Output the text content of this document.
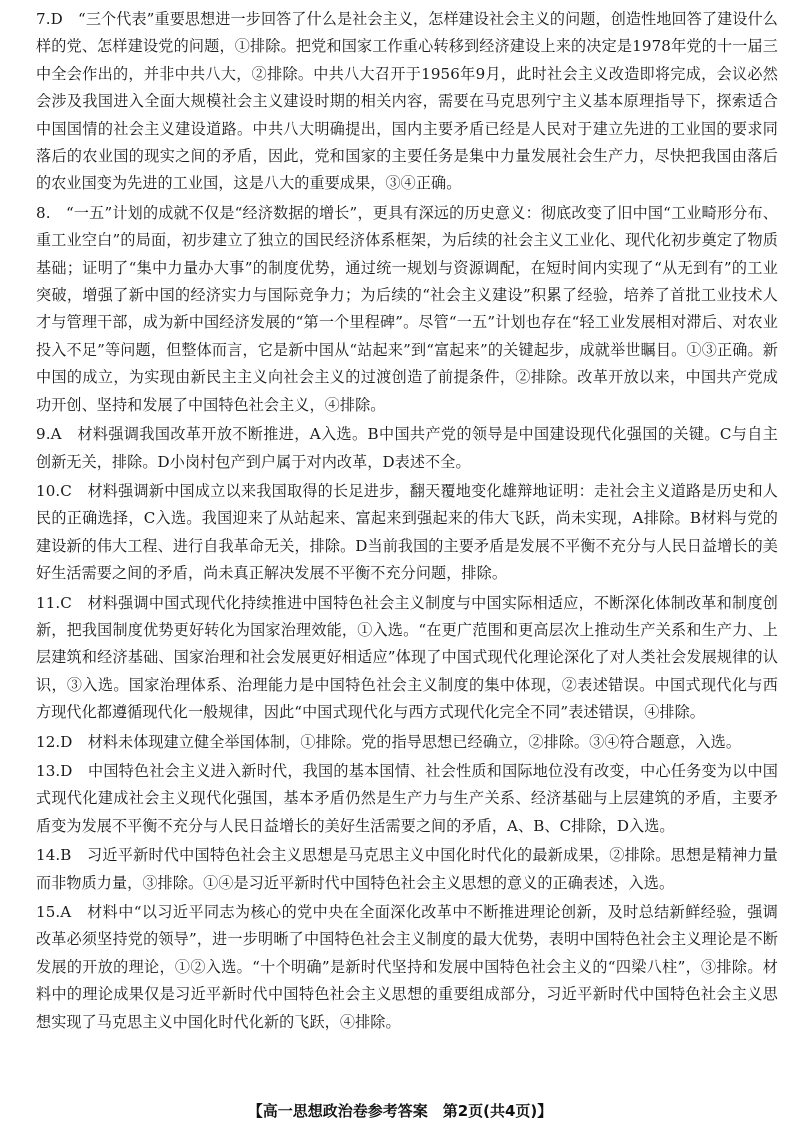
7.D　“三个代表”重要思想进一步回答了什么是社会主义，怎样建设社会主义的问题，创造性地回答了建设什么样的党、怎样建设党的问题，①排除。把党和国家工作重心转移到经济建设上来的决定是1978年党的十一届三中全会作出的，并非中共八大，②排除。中共八大召开于1956年9月，此时社会主义改造即将完成，会议必然会涉及我国进入全面大规模社会主义建设时期的相关内容，需要在马克思列宁主义基本原理指导下，探索适合中国国情的社会主义建设道路。中共八大明确提出，国内主要矛盾已经是人民对于建立先进的工业国的要求同落后的农业国的现实之间的矛盾，因此，党和国家的主要任务是集中力量发展社会生产力，尽快把我国由落后的农业国变为先进的工业国，这是八大的重要成果，③④正确。

8.　“一五”计划的成就不仅是“经济数据的增长”，更具有深远的历史意义：彻底改变了旧中国“工业畸形分布、重工业空白”的局面，初步建立了独立的国民经济体系框架，为后续的社会主义工业化、现代化初步奠定了物质基础；证明了“集中力量办大事”的制度优势，通过统一规划与资源调配，在短时间内实现了“从无到有”的工业突破，增强了新中国的经济实力与国际竞争力；为后续的“社会主义建设”积累了经验，培养了首批工业技术人才与管理干部，成为新中国经济发展的“第一个里程碑”。尽管“一五”计划也存在“轻工业发展相对滞后、对农业投入不足”等问题，但整体而言，它是新中国从“站起来”到“富起来”的关键起步，成就举世瞩目。①③正确。新中国的成立，为实现由新民主主义向社会主义的过渡创造了前提条件，②排除。改革开放以来，中国共产党成功开创、坚持和发展了中国特色社会主义，④排除。

9.A　材料强调我国改革开放不断推进，A入选。B中国共产党的领导是中国建设现代化强国的关键。C与自主创新无关，排除。D小岗村包产到户属于对内改革，D表述不全。

10.C　材料强调新中国成立以来我国取得的长足进步，翻天覆地变化雄辩地证明：走社会主义道路是历史和人民的正确选择，C入选。我国迎来了从站起来、富起来到强起来的伟大飞跃，尚未实现，A排除。B材料与党的建设新的伟大工程、进行自我革命无关，排除。D当前我国的主要矛盾是发展不平衡不充分与人民日益增长的美好生活需要之间的矛盾，尚未真正解决发展不平衡不充分问题，排除。

11.C　材料强调中国式现代化持续推进中国特色社会主义制度与中国实际相适应，不断深化体制改革和制度创新，把我国制度优势更好转化为国家治理效能，①入选。“在更广范围和更高层次上推动生产关系和生产力、上层建筑和经济基础、国家治理和社会发展更好相适应”体现了中国式现代化理论深化了对人类社会发展规律的认识，③入选。国家治理体系、治理能力是中国特色社会主义制度的集中体现，②表述错误。中国式现代化与西方现代化都遵循现代化一般规律，因此“中国式现代化与西方式现代化完全不同”表述错误，④排除。

12.D　材料未体现建立健全举国体制，①排除。党的指导思想已经确立，②排除。③④符合题意，入选。

13.D　中国特色社会主义进入新时代，我国的基本国情、社会性质和国际地位没有改变，中心任务变为以中国式现代化建成社会主义现代化强国，基本矛盾仍然是生产力与生产关系、经济基础与上层建筑的矛盾，主要矛盾变为发展不平衡不充分与人民日益增长的美好生活需要之间的矛盾，A、B、C排除，D入选。

14.B　习近平新时代中国特色社会主义思想是马克思主义中国化时代化的最新成果，②排除。思想是精神力量而非物质力量，③排除。①④是习近平新时代中国特色社会主义思想的意义的正确表述，入选。

15.A　材料中“以习近平同志为核心的党中央在全面深化改革中不断推进理论创新，及时总结新鲜经验，强调改革必须坚持党的领导”，进一步明晰了中国特色社会主义制度的最大优势，表明中国特色社会主义理论是不断发展的开放的理论，①②入选。“十个明确”是新时代坚持和发展中国特色社会主义的“四梁八柱”，③排除。材料中的理论成果仅是习近平新时代中国特色社会主义思想的重要组成部分，习近平新时代中国特色社会主义思想实现了马克思主义中国化时代化新的飞跃，④排除。

【高一思想政治卷参考答案　第2页(共4页)】
